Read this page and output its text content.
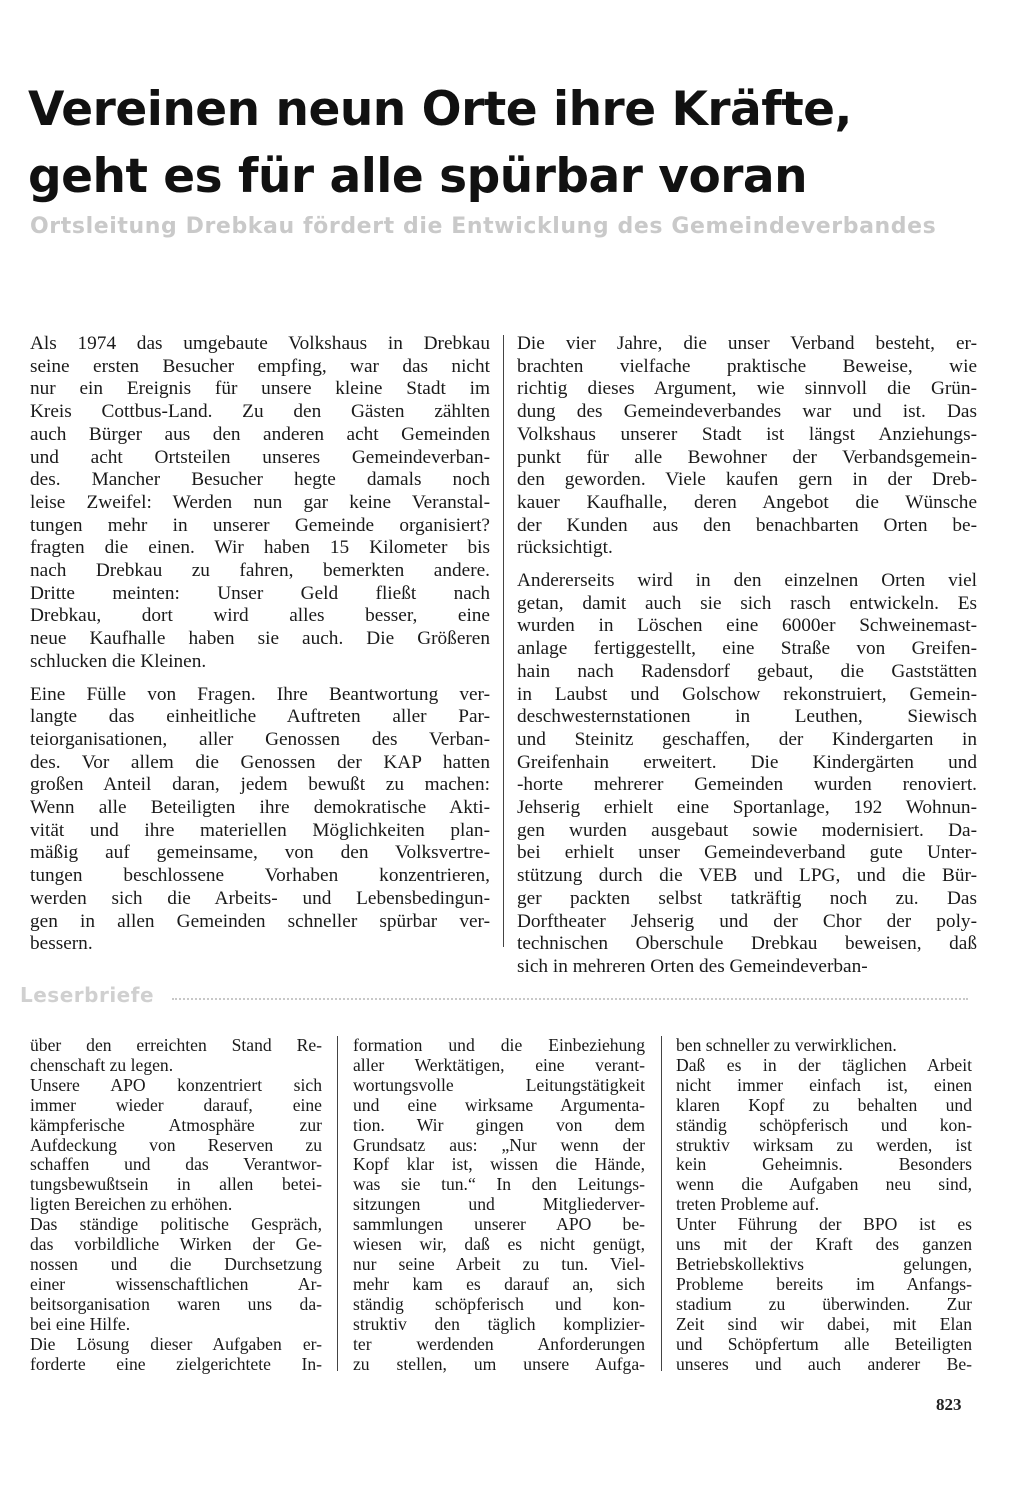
Vereinen neun Orte ihre Kräfte,
geht es für alle spürbar voran
Ortsleitung Drebkau fördert die Entwicklung des Gemeindeverbandes

Als 1974 das umgebaute Volkshaus in Drebkau
seine ersten Besucher empfing, war das nicht
nur ein Ereignis für unsere kleine Stadt im
Kreis Cottbus-Land. Zu den Gästen zählten
auch Bürger aus den anderen acht Gemeinden
und acht Ortsteilen unseres Gemeindeverban-
des. Mancher Besucher hegte damals noch
leise Zweifel: Werden nun gar keine Veranstal-
tungen mehr in unserer Gemeinde organisiert?
fragten die einen. Wir haben 15 Kilometer bis
nach Drebkau zu fahren, bemerkten andere.
Dritte meinten: Unser Geld fließt nach
Drebkau, dort wird alles besser, eine
neue Kaufhalle haben sie auch. Die Größeren
schlucken die Kleinen.

Eine Fülle von Fragen. Ihre Beantwortung ver-
langte das einheitliche Auftreten aller Par-
teiorganisationen, aller Genossen des Verban-
des. Vor allem die Genossen der KAP hatten
großen Anteil daran, jedem bewußt zu machen:
Wenn alle Beteiligten ihre demokratische Akti-
vität und ihre materiellen Möglichkeiten plan-
mäßig auf gemeinsame, von den Volksvertre-
tungen beschlossene Vorhaben konzentrieren,
werden sich die Arbeits- und Lebensbedingun-
gen in allen Gemeinden schneller spürbar ver-
bessern.

Die vier Jahre, die unser Verband besteht, er-
brachten vielfache praktische Beweise, wie
richtig dieses Argument, wie sinnvoll die Grün-
dung des Gemeindeverbandes war und ist. Das
Volkshaus unserer Stadt ist längst Anziehungs-
punkt für alle Bewohner der Verbandsgemein-
den geworden. Viele kaufen gern in der Dreb-
kauer Kaufhalle, deren Angebot die Wünsche
der Kunden aus den benachbarten Orten be-
rücksichtigt.

Andererseits wird in den einzelnen Orten viel
getan, damit auch sie sich rasch entwickeln. Es
wurden in Löschen eine 6000er Schweinemast-
anlage fertiggestellt, eine Straße von Greifen-
hain nach Radensdorf gebaut, die Gaststätten
in Laubst und Golschow rekonstruiert, Gemein-
deschwesternstationen in Leuthen, Siewisch
und Steinitz geschaffen, der Kindergarten in
Greifenhain erweitert. Die Kindergärten und
-horte mehrerer Gemeinden wurden renoviert.
Jehserig erhielt eine Sportanlage, 192 Wohnun-
gen wurden ausgebaut sowie modernisiert. Da-
bei erhielt unser Gemeindeverband gute Unter-
stützung durch die VEB und LPG, und die Bür-
ger packten selbst tatkräftig noch zu. Das
Dorftheater Jehserig und der Chor der poly-
technischen Oberschule Drebkau beweisen, daß
sich in mehreren Orten des Gemeindeverban-

Leserbriefe
über den erreichten Stand Re-
chenschaft zu legen.
Unsere APO konzentriert sich
immer wieder darauf, eine
kämpferische Atmosphäre zur
Aufdeckung von Reserven zu
schaffen und das Verantwor-
tungsbewußtsein in allen betei-
ligten Bereichen zu erhöhen.
Das ständige politische Gespräch,
das vorbildliche Wirken der Ge-
nossen und die Durchsetzung
einer wissenschaftlichen Ar-
beitsorganisation waren uns da-
bei eine Hilfe.
Die Lösung dieser Aufgaben er-
forderte eine zielgerichtete In-
formation und die Einbeziehung
aller Werktätigen, eine verant-
wortungsvolle Leitungstätigkeit
und eine wirksame Argumenta-
tion. Wir gingen von dem
Grundsatz aus: „Nur wenn der
Kopf klar ist, wissen die Hände,
was sie tun.“ In den Leitungs-
sitzungen und Mitgliederver-
sammlungen unserer APO be-
wiesen wir, daß es nicht genügt,
nur seine Arbeit zu tun. Viel-
mehr kam es darauf an, sich
ständig schöpferisch und kon-
struktiv den täglich komplizier-
ter werdenden Anforderungen
zu stellen, um unsere Aufga-
ben schneller zu verwirklichen.
Daß es in der täglichen Arbeit
nicht immer einfach ist, einen
klaren Kopf zu behalten und
ständig schöpferisch und kon-
struktiv wirksam zu werden, ist
kein Geheimnis. Besonders
wenn die Aufgaben neu sind,
treten Probleme auf.
Unter Führung der BPO ist es
uns mit der Kraft des ganzen
Betriebskollektivs gelungen,
Probleme bereits im Anfangs-
stadium zu überwinden. Zur
Zeit sind wir dabei, mit Elan
und Schöpfertum alle Beteiligten
unseres und auch anderer Be-
823
